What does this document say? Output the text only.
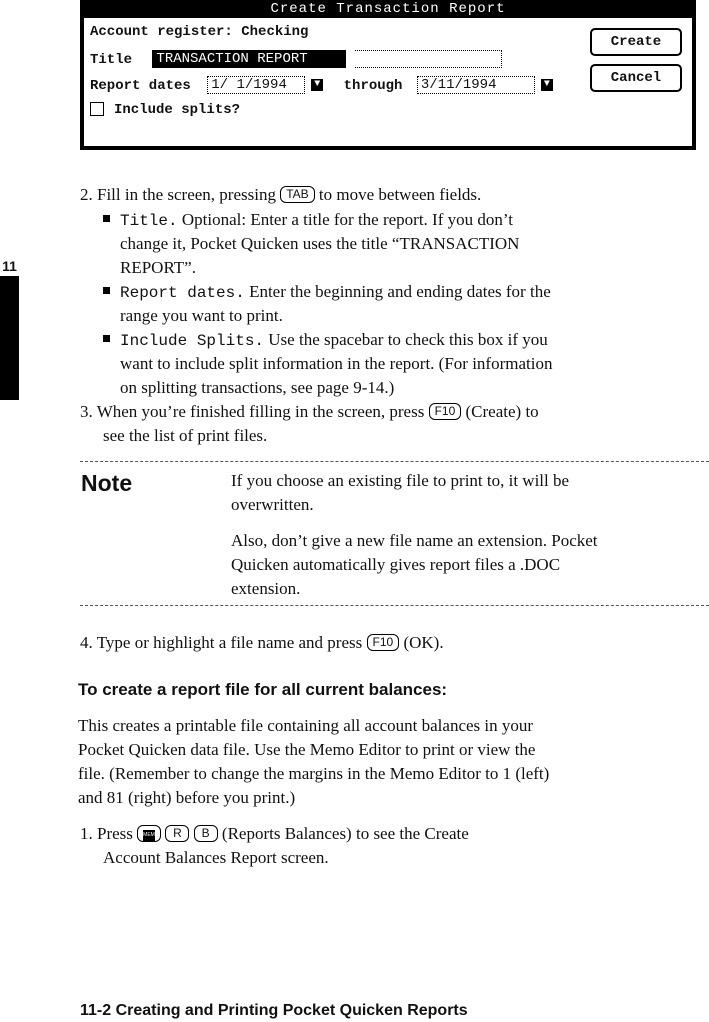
Create Transaction Report
Account register: Checking
Title TRANSACTION REPORT
Report dates 1/ 1/1994	▼ through 3/11/1994	▼
Include splits?
Create
Cancel
11
2. Fill in the screen, pressing TAB to move between fields.
Title. Optional: Enter a title for the report. If you don’t
change it, Pocket Quicken uses the title “TRANSACTION
REPORT”.
Report dates. Enter the beginning and ending dates for the
range you want to print.
Include Splits. Use the spacebar to check this box if you
want to include split information in the report. (For information
on splitting transactions, see page 9-14.)
3. When you’re finished filling in the screen, press F10 (Create) to
see the list of print files.
Note	If you choose an existing file to print to, it will be
overwritten.
Also, don’t give a new file name an extension. Pocket
Quicken automatically gives report files a .DOC
extension.
4. Type or highlight a file name and press F10 (OK).
To create a report file for all current balances:
This creates a printable file containing all account balances in your
Pocket Quicken data file. Use the Memo Editor to print or view the
file. (Remember to change the margins in the Memo Editor to 1 (left)
and 81 (right) before you print.)
1. Press MEMO R B (Reports Balances) to see the Create
Account Balances Report screen.
11-2 Creating and Printing Pocket Quicken Reports
